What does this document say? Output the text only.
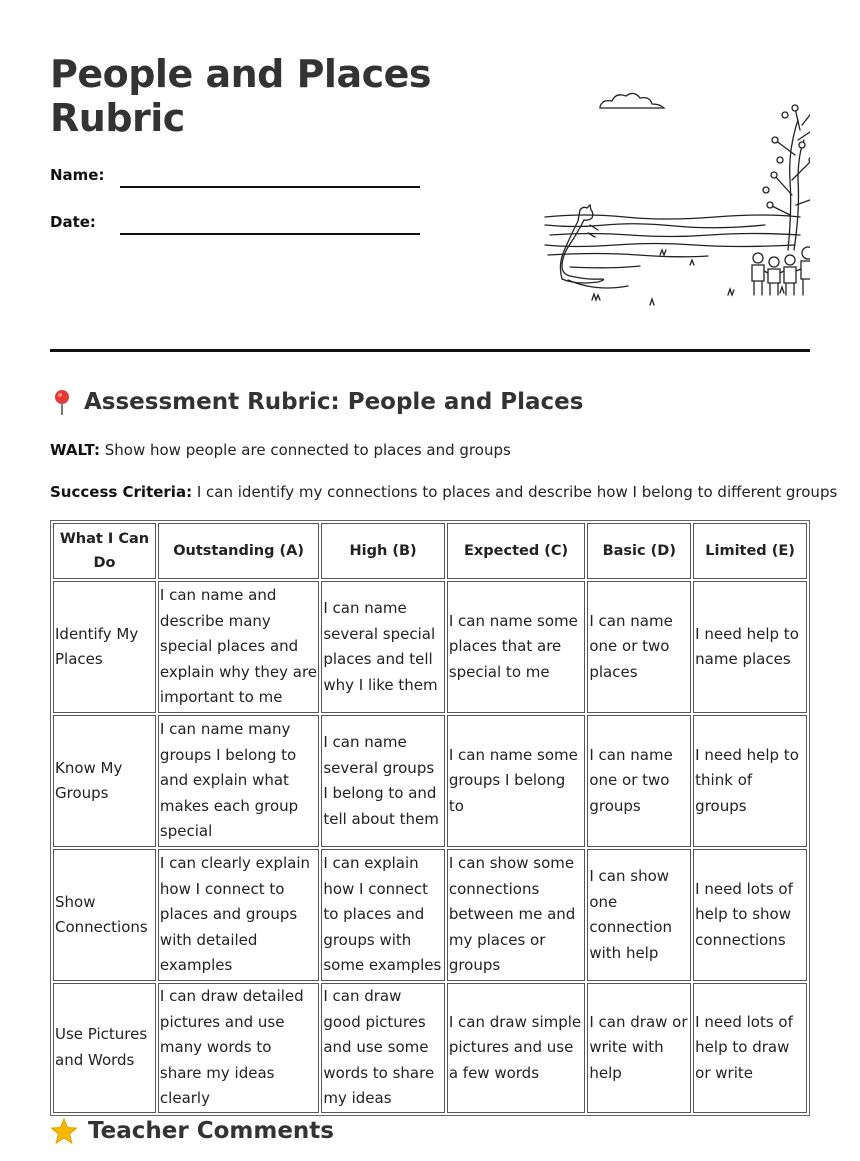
People and Places Rubric
Name:
Date:
Assessment Rubric: People and Places
WALT: Show how people are connected to places and groups
Success Criteria: I can identify my connections to places and describe how I belong to different groups
What I Can Do	Outstanding (A)	High (B)	Expected (C)	Basic (D)	Limited (E)
Identify My Places	I can name and describe many special places and explain why they are important to me	I can name several special places and tell why I like them	I can name some places that are special to me	I can name one or two places	I need help to name places
Know My Groups	I can name many groups I belong to and explain what makes each group special	I can name several groups I belong to and tell about them	I can name some groups I belong to	I can name one or two groups	I need help to think of groups
Show Connections	I can clearly explain how I connect to places and groups with detailed examples	I can explain how I connect to places and groups with some examples	I can show some connections between me and my places or groups	I can show one connection with help	I need lots of help to show connections
Use Pictures and Words	I can draw detailed pictures and use many words to share my ideas clearly	I can draw good pictures and use some words to share my ideas	I can draw simple pictures and use a few words	I can draw or write with help	I need lots of help to draw or write
Teacher Comments
